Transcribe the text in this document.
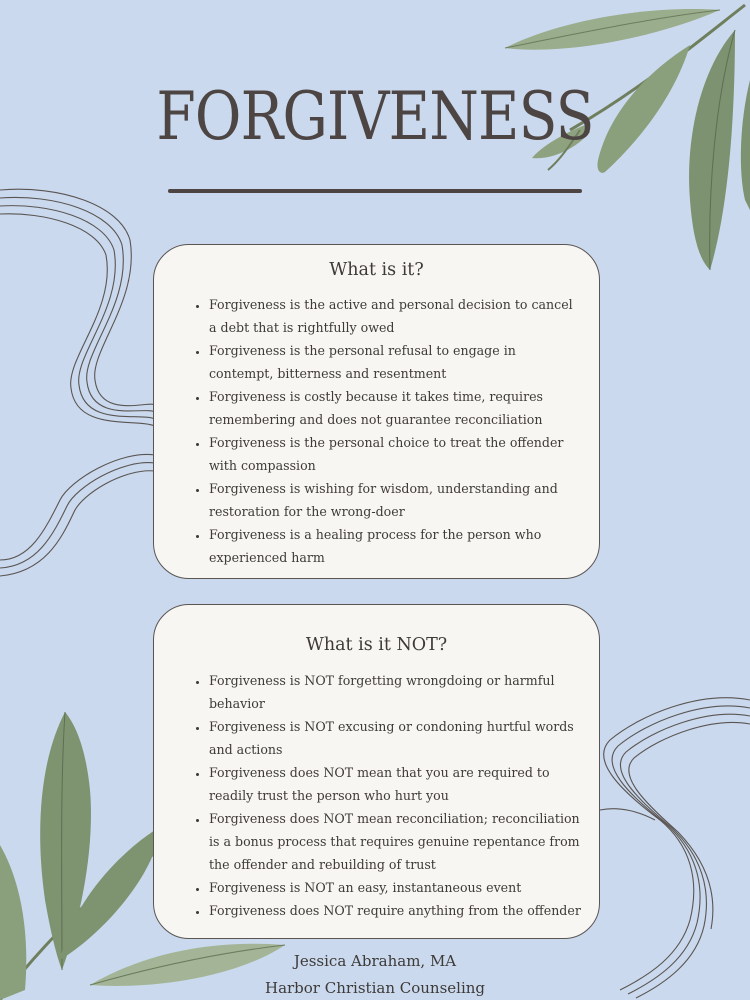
FORGIVENESS
What is it?
• Forgiveness is the active and personal decision to cancel a debt that is rightfully owed
• Forgiveness is the personal refusal to engage in contempt, bitterness and resentment
• Forgiveness is costly because it takes time, requires remembering and does not guarantee reconciliation
• Forgiveness is the personal choice to treat the offender with compassion
• Forgiveness is wishing for wisdom, understanding and restoration for the wrong-doer
• Forgiveness is a healing process for the person who experienced harm
What is it NOT?
• Forgiveness is NOT forgetting wrongdoing or harmful behavior
• Forgiveness is NOT excusing or condoning hurtful words and actions
• Forgiveness does NOT mean that you are required to readily trust the person who hurt you
• Forgiveness does NOT mean reconciliation; reconciliation is a bonus process that requires genuine repentance from the offender and rebuilding of trust
• Forgiveness is NOT an easy, instantaneous event
• Forgiveness does NOT require anything from the offender
Jessica Abraham, MA
Harbor Christian Counseling
